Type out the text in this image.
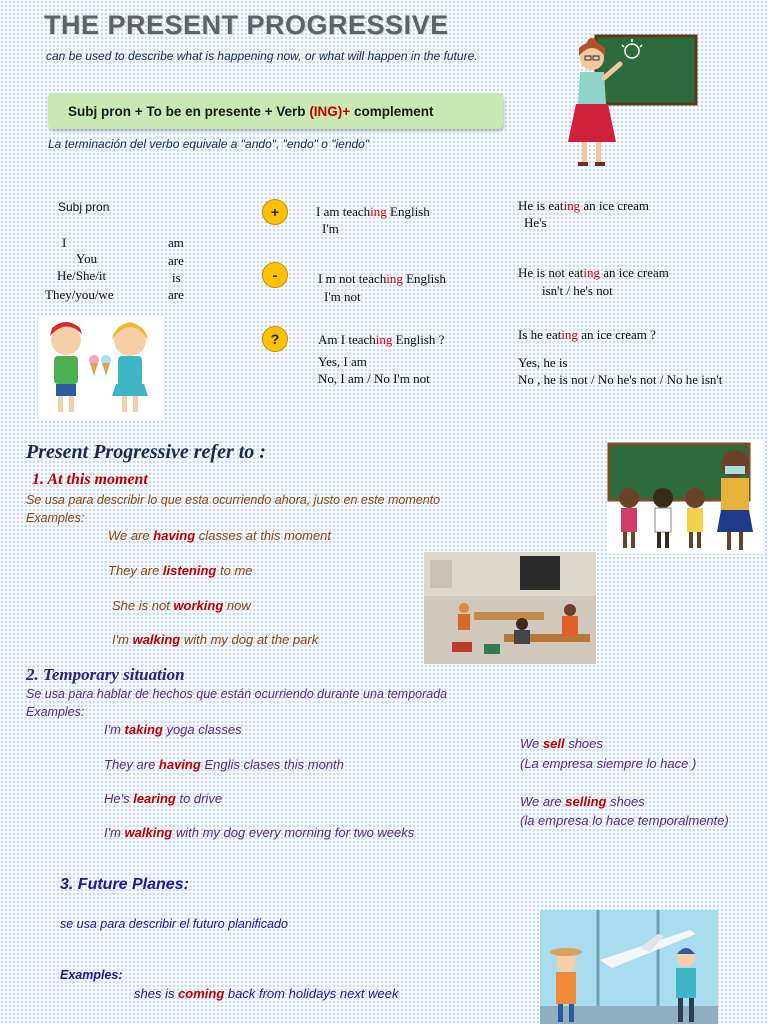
THE PRESENT PROGRESSIVE
can be used to describe what is happening now, or what will happen in the future.
Subj pron + To be en presente + Verb (ING)+ complement
La terminación del verbo equivale a "ando", "endo" o "iendo"
Subj pron
I
You
He/She/it
They/you/we
am
are
is
are
+
-
?
I am teaching English
I'm
I m not teaching English
I'm not
Am I teaching English ?
Yes, I am
No, I am / No I'm not
He is eating an ice cream
He's
He is not eating an ice cream
isn't / he's not
Is he eating an ice cream ?
Yes, he is
No , he is not / No he's not / No he isn't
Present Progressive refer to :
1. At this moment
Se usa para describir lo que esta ocurriendo ahora, justo en este momento
Examples:
We are having classes at this moment
They are listening to me
She is not working now
I'm walking with my dog at the park
2. Temporary situation
Se usa para hablar de hechos que están ocurriendo durante una temporada
Examples:
I'm taking yoga classes
They are having Englis clases this month
He's learing to drive
I'm walking with my dog every morning for two weeks
We sell shoes
(La empresa siempre lo hace )
We are selling shoes
(la empresa lo hace temporalmente)
3. Future Planes:
se usa para describir el futuro planificado
Examples:
shes is coming back from holidays next week
